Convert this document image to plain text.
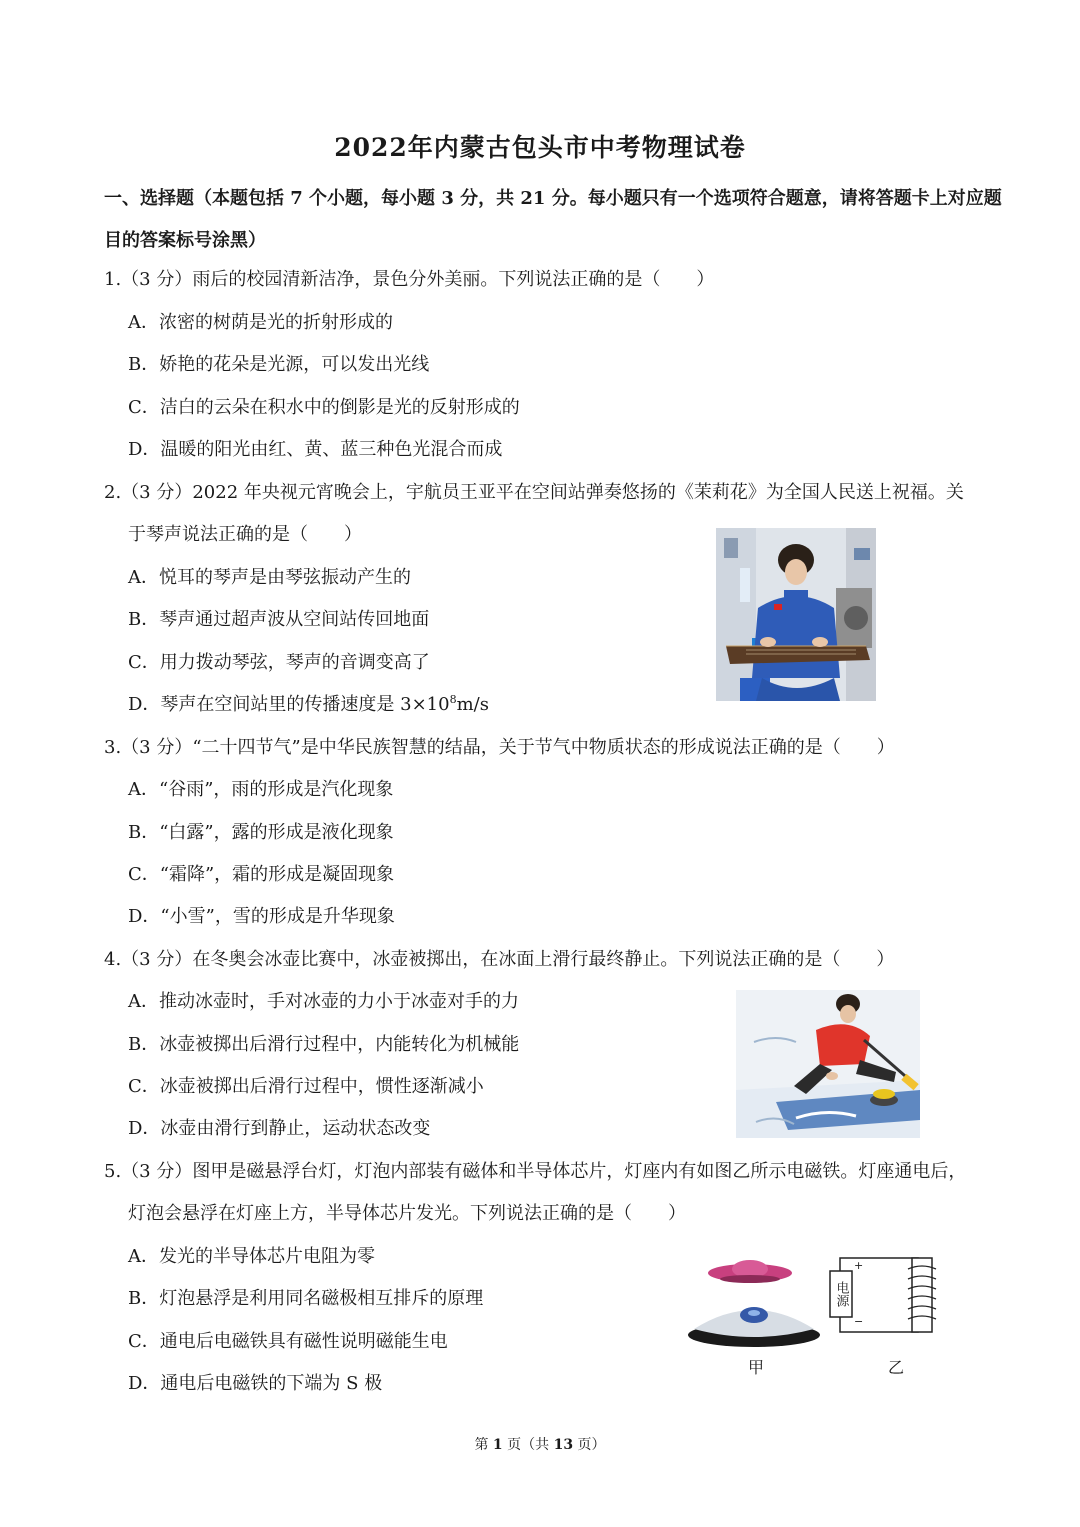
2022年内蒙古包头市中考物理试卷
一、选择题（本题包括 7 个小题，每小题 3 分，共 21 分。每小题只有一个选项符合题意，请将答题卡上对应题目的答案标号涂黑）
1.（3 分）雨后的校园清新洁净，景色分外美丽。下列说法正确的是（　　）
A．浓密的树荫是光的折射形成的
B．娇艳的花朵是光源，可以发出光线
C．洁白的云朵在积水中的倒影是光的反射形成的
D．温暖的阳光由红、黄、蓝三种色光混合而成
2.（3 分）2022 年央视元宵晚会上，宇航员王亚平在空间站弹奏悠扬的《茉莉花》为全国人民送上祝福。关
于琴声说法正确的是（　　）
A．悦耳的琴声是由琴弦振动产生的
B．琴声通过超声波从空间站传回地面
C．用力拨动琴弦，琴声的音调变高了
D．琴声在空间站里的传播速度是 $3\times 10^8m/s$
3.（3 分）“二十四节气”是中华民族智慧的结晶，关于节气中物质状态的形成说法正确的是（　　）
A．“谷雨”，雨的形成是汽化现象
B．“白露”，露的形成是液化现象
C．“霜降”，霜的形成是凝固现象
D．“小雪”，雪的形成是升华现象
4.（3 分）在冬奥会冰壶比赛中，冰壶被掷出，在冰面上滑行最终静止。下列说法正确的是（　　）
A．推动冰壶时，手对冰壶的力小于冰壶对手的力
B．冰壶被掷出后滑行过程中，内能转化为机械能
C．冰壶被掷出后滑行过程中，惯性逐渐减小
D．冰壶由滑行到静止，运动状态改变
5.（3 分）图甲是磁悬浮台灯，灯泡内部装有磁体和半导体芯片，灯座内有如图乙所示电磁铁。灯座通电后，
灯泡会悬浮在灯座上方，半导体芯片发光。下列说法正确的是（　　）
A．发光的半导体芯片电阻为零
B．灯泡悬浮是利用同名磁极相互排斥的原理
C．通电后电磁铁具有磁性说明磁能生电
D．通电后电磁铁的下端为 S 极
甲
+
−
电源
乙
第 1 页（共 13 页）
